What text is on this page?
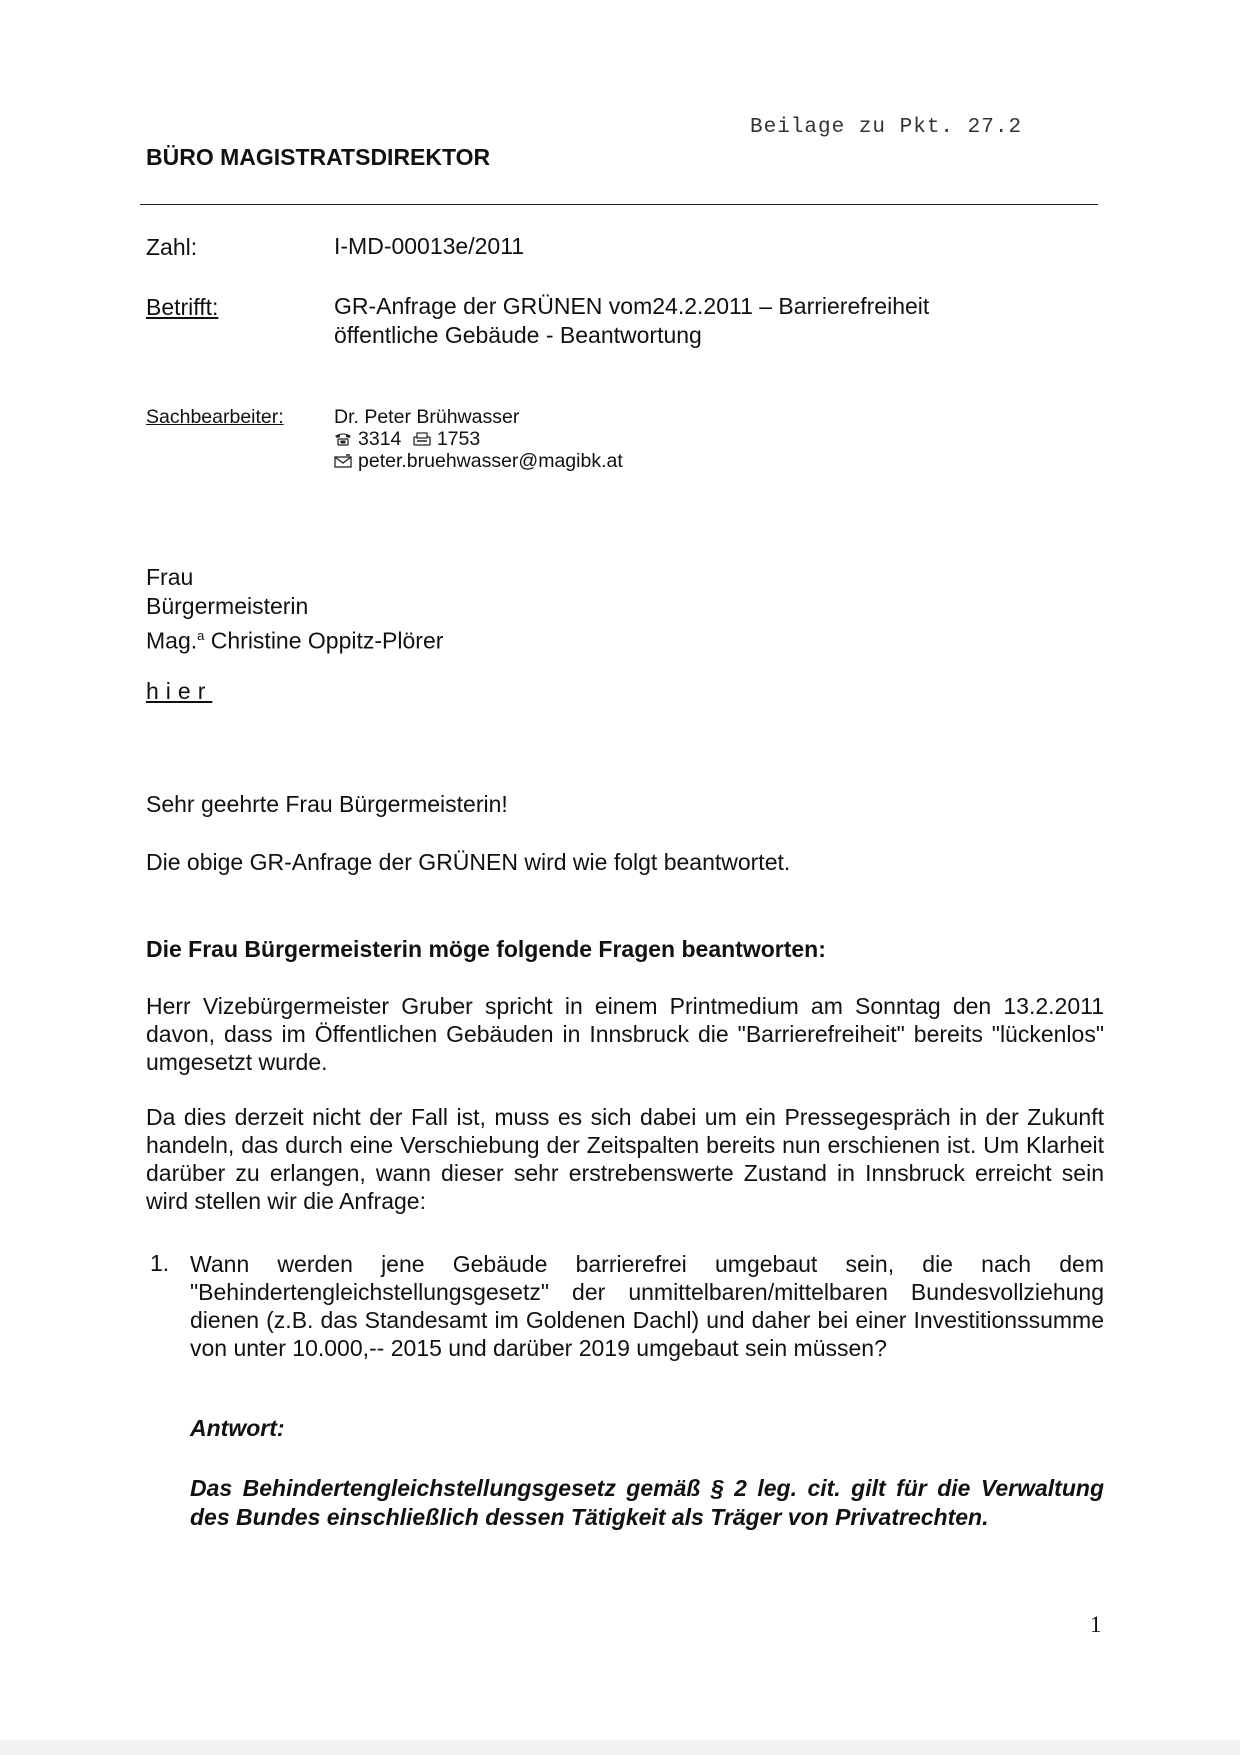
Beilage zu Pkt. 27.2
BÜRO MAGISTRATSDIREKTOR
Zahl:	I-MD-00013e/2011
Betrifft:	GR-Anfrage der GRÜNEN vom24.2.2011 – Barrierefreiheit
öffentliche Gebäude - Beantwortung
Sachbearbeiter:	Dr. Peter Brühwasser
3314 1753
peter.bruehwasser@magibk.at
Frau
Bürgermeisterin
Mag.$^a$ Christine Oppitz-Plörer
hier
Sehr geehrte Frau Bürgermeisterin!
Die obige GR-Anfrage der GRÜNEN wird wie folgt beantwortet.
Die Frau Bürgermeisterin möge folgende Fragen beantworten:
Herr Vizebürgermeister Gruber spricht in einem Printmedium am Sonntag den 13.2.2011 davon, dass im Öffentlichen Gebäuden in Innsbruck die "Barrierefreiheit" bereits "lückenlos" umgesetzt wurde.
Da dies derzeit nicht der Fall ist, muss es sich dabei um ein Pressegespräch in der Zukunft handeln, das durch eine Verschiebung der Zeitspalten bereits nun erschienen ist. Um Klarheit darüber zu erlangen, wann dieser sehr erstrebenswerte Zustand in Innsbruck erreicht sein wird stellen wir die Anfrage:
1. Wann werden jene Gebäude barrierefrei umgebaut sein, die nach dem "Behindertengleichstellungsgesetz" der unmittelbaren/mittelbaren Bundesvollziehung dienen (z.B. das Standesamt im Goldenen Dachl) und daher bei einer Investitionssumme von unter 10.000,-- 2015 und darüber 2019 umgebaut sein müssen?
Antwort:
Das Behindertengleichstellungsgesetz gemäß § 2 leg. cit. gilt für die Verwaltung des Bundes einschließlich dessen Tätigkeit als Träger von Privatrechten.
1
